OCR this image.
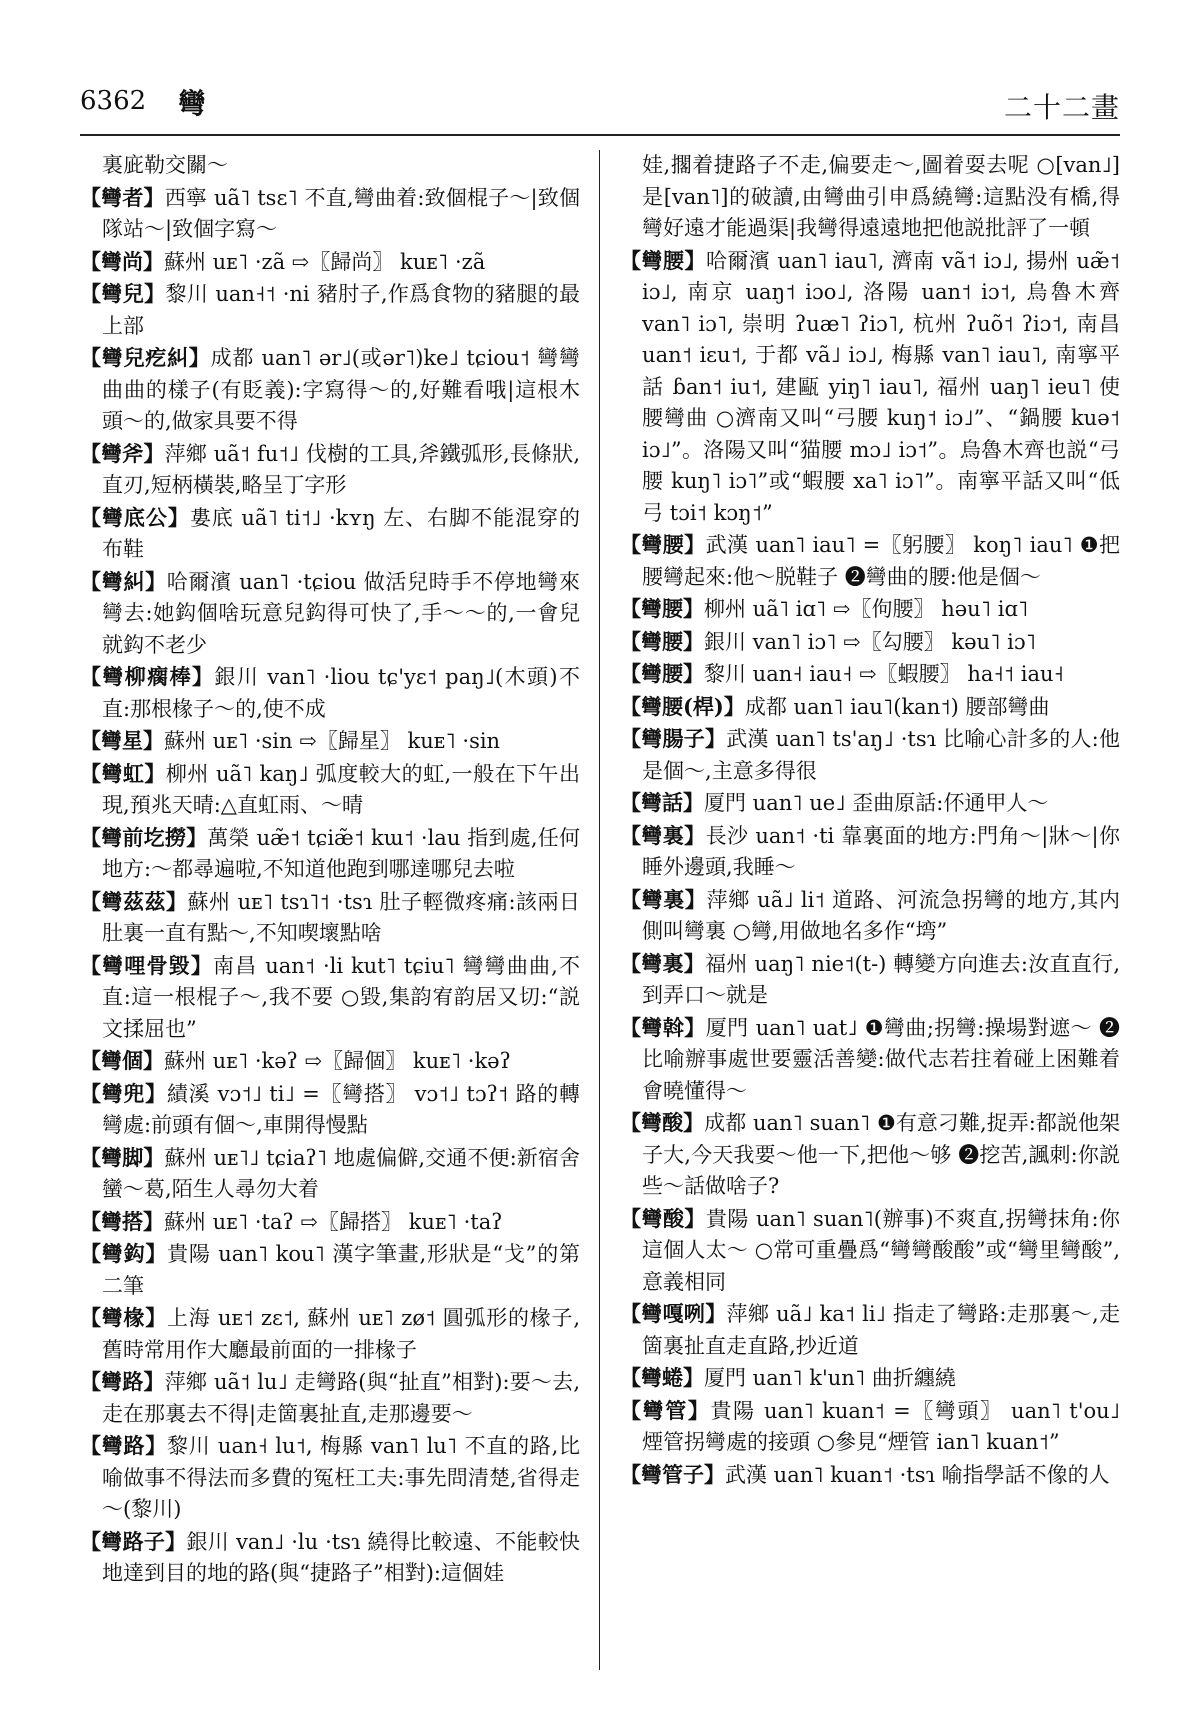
6362 彎	二十二畫

裏庛勒交關～

【彎者】西寧 uã˥ tsɛ˥ 不直,彎曲着:致個棍子～|致個隊站～|致個字寫～

【彎尚】蘇州 uᴇ˥ ·zã ⇨〖歸尚〗 kuᴇ˥ ·zã

【彎兒】黎川 uan˧˦ ·ni 豬肘子,作爲食物的豬腿的最上部

【彎兒疙糾】成都 uan˥ ər˩(或ər˥)ke˩ tɕiou˦ 彎彎曲曲的樣子(有貶義):字寫得～的,好難看哦|這根木頭～的,做家具要不得

【彎斧】萍鄉 uã˦ fu˦˩ 伐樹的工具,斧鐵弧形,長條狀,直刃,短柄橫裝,略呈丁字形

【彎底公】婁底 uã˥ ti˦˩ ·kʏŋ 左、右脚不能混穿的布鞋

【彎糾】哈爾濱 uan˥ ·tɕiou 做活兒時手不停地彎來彎去:她鈎個啥玩意兒鈎得可快了,手～～的,一會兒就鈎不老少

【彎柳瘸棒】銀川 van˥ ·liou tɕ'yɛ˦ paŋ˩(木頭)不直:那根椽子～的,使不成

【彎星】蘇州 uᴇ˥ ·sin ⇨〖歸星〗 kuᴇ˥ ·sin

【彎虹】柳州 uã˥ kaŋ˩ 弧度較大的虹,一般在下午出現,預兆天晴:△直虹雨、～晴

【彎前圪撈】萬榮 uæ̃˦ tɕiæ̃˦ kɯ˦ ·lau 指到處,任何地方:～都尋遍啦,不知道他跑到哪達哪兒去啦

【彎茲茲】蘇州 uᴇ˥ tsɿ˥˦ ·tsɿ 肚子輕微疼痛:該兩日肚裏一直有點～,不知喫壞點啥

【彎哩骨毀】南昌 uan˦ ·li kut˥ tɕiu˥ 彎彎曲曲,不直:這一根棍子～,我不要 ○毀,集韵宥韵居又切:“説文揉屈也”

【彎個】蘇州 uᴇ˥ ·kəʔ ⇨〖歸個〗 kuᴇ˥ ·kəʔ

【彎兜】績溪 vɔ˦˩ ti˩ =〖彎搭〗 vɔ˦˩ tɔʔ˦ 路的轉彎處:前頭有個～,車開得慢點

【彎脚】蘇州 uᴇ˥˩ tɕiaʔ˥ 地處偏僻,交通不便:新宿舍蠻～葛,陌生人尋勿大着

【彎搭】蘇州 uᴇ˥ ·taʔ ⇨〖歸搭〗 kuᴇ˥ ·taʔ

【彎鈎】貴陽 uan˥ kou˥ 漢字筆畫,形狀是“戈”的第二筆

【彎椽】上海 uᴇ˦ zɛ˦, 蘇州 uᴇ˥ zø˦ 圓弧形的椽子,舊時常用作大廳最前面的一排椽子

【彎路】萍鄉 uã˦ lu˩ 走彎路(與“扯直”相對):要～去,走在那裏去不得|走箇裏扯直,走那邊要～

【彎路】黎川 uan˧ lu˦, 梅縣 van˥ lu˥ 不直的路,比喻做事不得法而多費的冤枉工夫:事先問清楚,省得走～(黎川)

【彎路子】銀川 van˩ ·lu ·tsɿ 繞得比較遠、不能較快地達到目的地的路(與“捷路子”相對):這個娃

娃,擱着捷路子不走,偏要走～,圖着耍去呢 ○[van˩]是[van˥]的破讀,由彎曲引申爲繞彎:這點没有橋,得彎好遠才能過渠|我彎得遠遠地把他説批評了一頓

【彎腰】哈爾濱 uan˥ iau˥, 濟南 vã˦ iɔ˩, 揚州 uæ̃˦ iɔ˩, 南京 uaŋ˦ iɔo˩, 洛陽 uan˦ iɔ˦, 烏魯木齊 van˥ iɔ˥, 崇明 ʔuæ˥ ʔiɔ˥, 杭州 ʔuõ˦ ʔiɔ˦, 南昌 uan˦ iɛu˦, 于都 vã˩ iɔ˩, 梅縣 van˥ iau˥, 南寧平話 ɓan˦ iu˦, 建甌 yiŋ˥ iau˥, 福州 uaŋ˥ ieu˥ 使腰彎曲 ○濟南又叫“弓腰 kuŋ˦ iɔ˩”、“鍋腰 kuə˦ iɔ˩”。洛陽又叫“猫腰 mɔ˩ iɔ˦”。烏魯木齊也説“弓腰 kuŋ˥ iɔ˥”或“蝦腰 xa˥ iɔ˥”。南寧平話又叫“低弓 tɔi˦ kɔŋ˦”

【彎腰】武漢 uan˥ iau˥ =〖躬腰〗 koŋ˥ iau˥ ❶把腰彎起來:他～脱鞋子 ❷彎曲的腰:他是個～

【彎腰】柳州 uã˥ iɑ˥ ⇨〖佝腰〗 həu˥ iɑ˥

【彎腰】銀川 van˥ iɔ˥ ⇨〖勾腰〗 kəu˥ iɔ˥

【彎腰】黎川 uan˧ iau˧ ⇨〖蝦腰〗 ha˧˦ iau˧

【彎腰(桿)】成都 uan˥ iau˥(kan˦) 腰部彎曲

【彎腸子】武漢 uan˥ ts'aŋ˩ ·tsɿ 比喻心計多的人:他是個～,主意多得很

【彎話】厦門 uan˥ ue˩ 歪曲原話:伓通甲人～

【彎裏】長沙 uan˦ ·ti 靠裏面的地方:門角～|牀～|你睡外邊頭,我睡～

【彎裏】萍鄉 uã˩ li˦ 道路、河流急拐彎的地方,其内側叫彎裏 ○彎,用做地名多作“塆”

【彎裏】福州 uaŋ˥ nie˦(t-) 轉變方向進去:汝直直行,到弄口～就是

【彎斡】厦門 uan˥ uat˩ ❶彎曲;拐彎:操場對遮～ ❷比喻辦事處世要靈活善變:做代志若拄着碰上困難着會曉懂得～

【彎酸】成都 uan˥ suan˥ ❶有意刁難,捉弄:都説他架子大,今天我要～他一下,把他～够 ❷挖苦,諷刺:你説些～話做啥子?

【彎酸】貴陽 uan˥ suan˥(辦事)不爽直,拐彎抹角:你這個人太～ ○常可重疊爲“彎彎酸酸”或“彎里彎酸”,意義相同

【彎嘎咧】萍鄉 uã˩ ka˦ li˩ 指走了彎路:走那裏～,走箇裏扯直走直路,抄近道

【彎蜷】厦門 uan˥ k'un˥ 曲折纏繞

【彎管】貴陽 uan˥ kuan˦ =〖彎頭〗 uan˥ t'ou˩ 煙管拐彎處的接頭 ○參見“煙管 ian˥ kuan˦”

【彎管子】武漢 uan˥ kuan˦ ·tsɿ 喻指學話不像的人
